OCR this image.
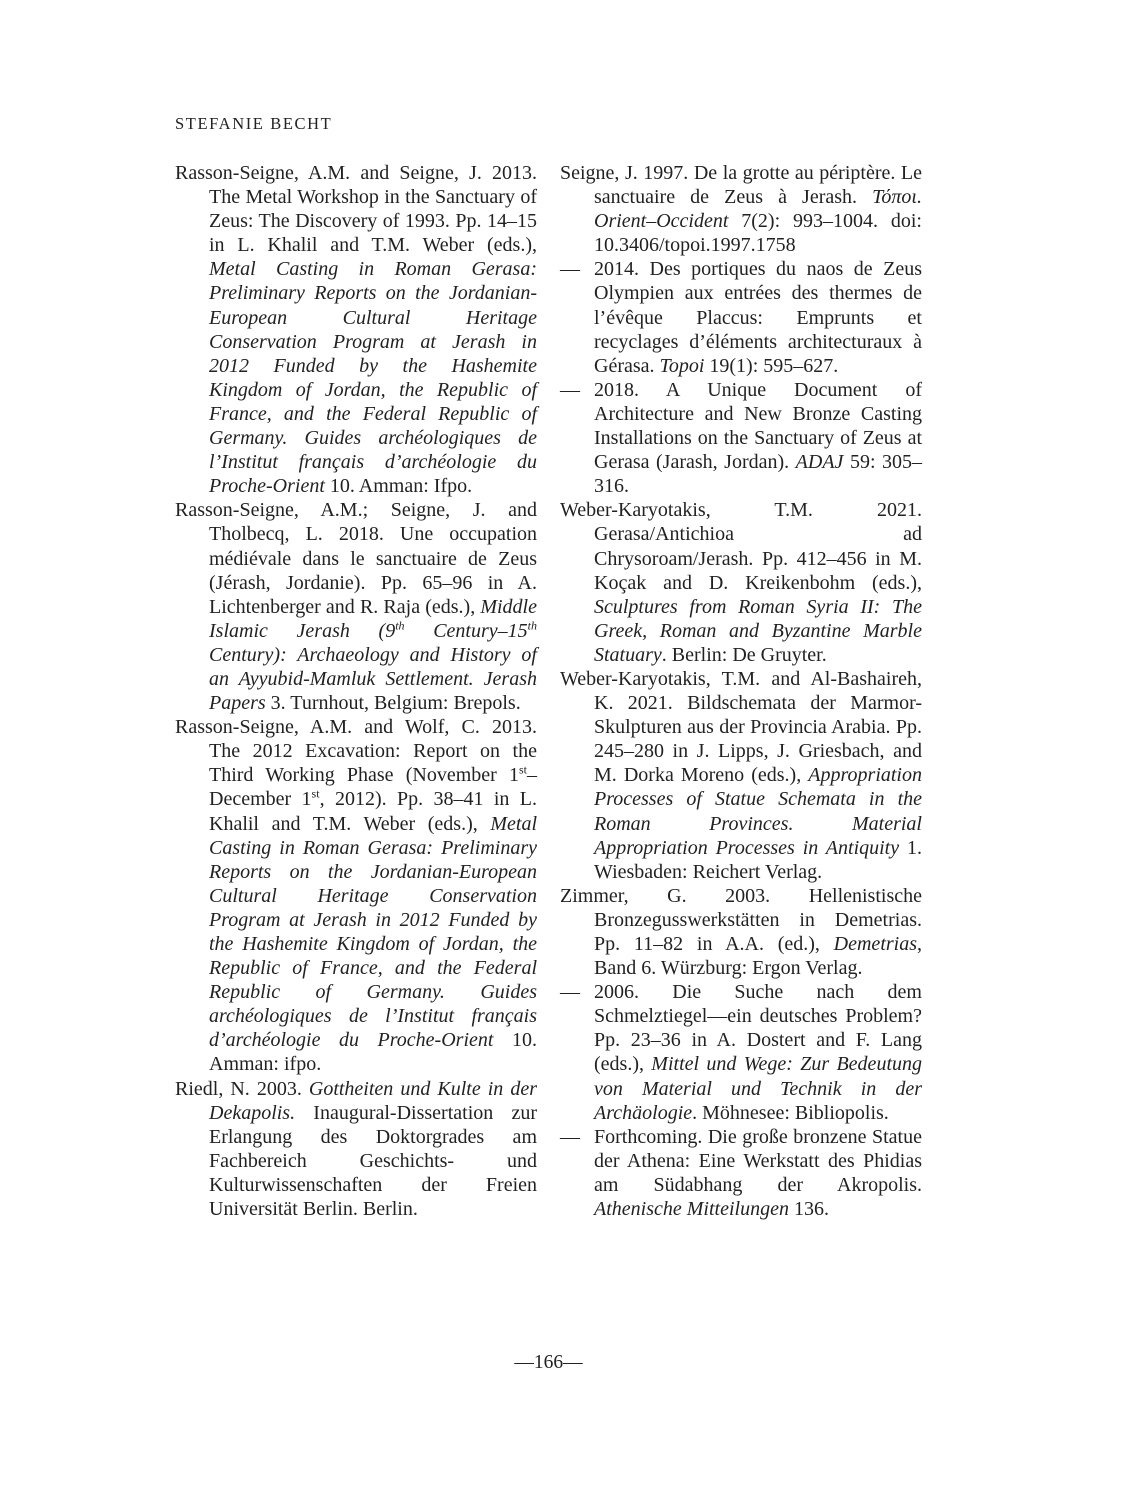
STEFANIE BECHT

Rasson-Seigne, A.M. and Seigne, J. 2013. The Metal Workshop in the Sanctuary of Zeus: The Discovery of 1993. Pp. 14–15 in L. Khalil and T.M. Weber (eds.), Metal Casting in Roman Gerasa: Preliminary Reports on the Jordanian-European Cultural Heritage Conservation Program at Jerash in 2012 Funded by the Hashemite Kingdom of Jordan, the Republic of France, and the Federal Republic of Germany. Guides archéologiques de l’Institut français d’archéologie du Proche-Orient 10. Amman: Ifpo.

Rasson-Seigne, A.M.; Seigne, J. and Tholbecq, L. 2018. Une occupation médiévale dans le sanctuaire de Zeus (Jérash, Jordanie). Pp. 65–96 in A. Lichtenberger and R. Raja (eds.), Middle Islamic Jerash (9th Century–15th Century): Archaeology and History of an Ayyubid-Mamluk Settlement. Jerash Papers 3. Turnhout, Belgium: Brepols.

Rasson-Seigne, A.M. and Wolf, C. 2013. The 2012 Excavation: Report on the Third Working Phase (November 1st–December 1st, 2012). Pp. 38–41 in L. Khalil and T.M. Weber (eds.), Metal Casting in Roman Gerasa: Preliminary Reports on the Jordanian-European Cultural Heritage Conservation Program at Jerash in 2012 Funded by the Hashemite Kingdom of Jordan, the Republic of France, and the Federal Republic of Germany. Guides archéologiques de l’Institut français d’archéologie du Proche-Orient 10. Amman: ifpo.

Riedl, N. 2003. Gottheiten und Kulte in der Dekapolis. Inaugural-Dissertation zur Erlangung des Doktorgrades am Fachbereich Geschichts- und Kulturwissenschaften der Freien Universität Berlin. Berlin.

Seigne, J. 1997. De la grotte au périptère. Le sanctuaire de Zeus à Jerash. Τόποι. Orient–Occident 7(2): 993–1004. doi: 10.3406/topoi.1997.1758

— 2014. Des portiques du naos de Zeus Olympien aux entrées des thermes de l’évêque Placcus: Emprunts et recyclages d’éléments architecturaux à Gérasa. Topoi 19(1): 595–627.

— 2018. A Unique Document of Architecture and New Bronze Casting Installations on the Sanctuary of Zeus at Gerasa (Jarash, Jordan). ADAJ 59: 305–316.

Weber-Karyotakis, T.M. 2021. Gerasa/Antichioa ad Chrysoroam/Jerash. Pp. 412–456 in M. Koçak and D. Kreikenbohm (eds.), Sculptures from Roman Syria II: The Greek, Roman and Byzantine Marble Statuary. Berlin: De Gruyter.

Weber-Karyotakis, T.M. and Al-Bashaireh, K. 2021. Bildschemata der Marmor-Skulpturen aus der Provincia Arabia. Pp. 245–280 in J. Lipps, J. Griesbach, and M. Dorka Moreno (eds.), Appropriation Processes of Statue Schemata in the Roman Provinces. Material Appropriation Processes in Antiquity 1. Wiesbaden: Reichert Verlag.

Zimmer, G. 2003. Hellenistische Bronzegusswerkstätten in Demetrias. Pp. 11–82 in A.A. (ed.), Demetrias, Band 6. Würzburg: Ergon Verlag.

— 2006. Die Suche nach dem Schmelztiegel—ein deutsches Problem? Pp. 23–36 in A. Dostert and F. Lang (eds.), Mittel und Wege: Zur Bedeutung von Material und Technik in der Archäologie. Möhnesee: Bibliopolis.

— Forthcoming. Die große bronzene Statue der Athena: Eine Werkstatt des Phidias am Südabhang der Akropolis. Athenische Mitteilungen 136.

—166—
